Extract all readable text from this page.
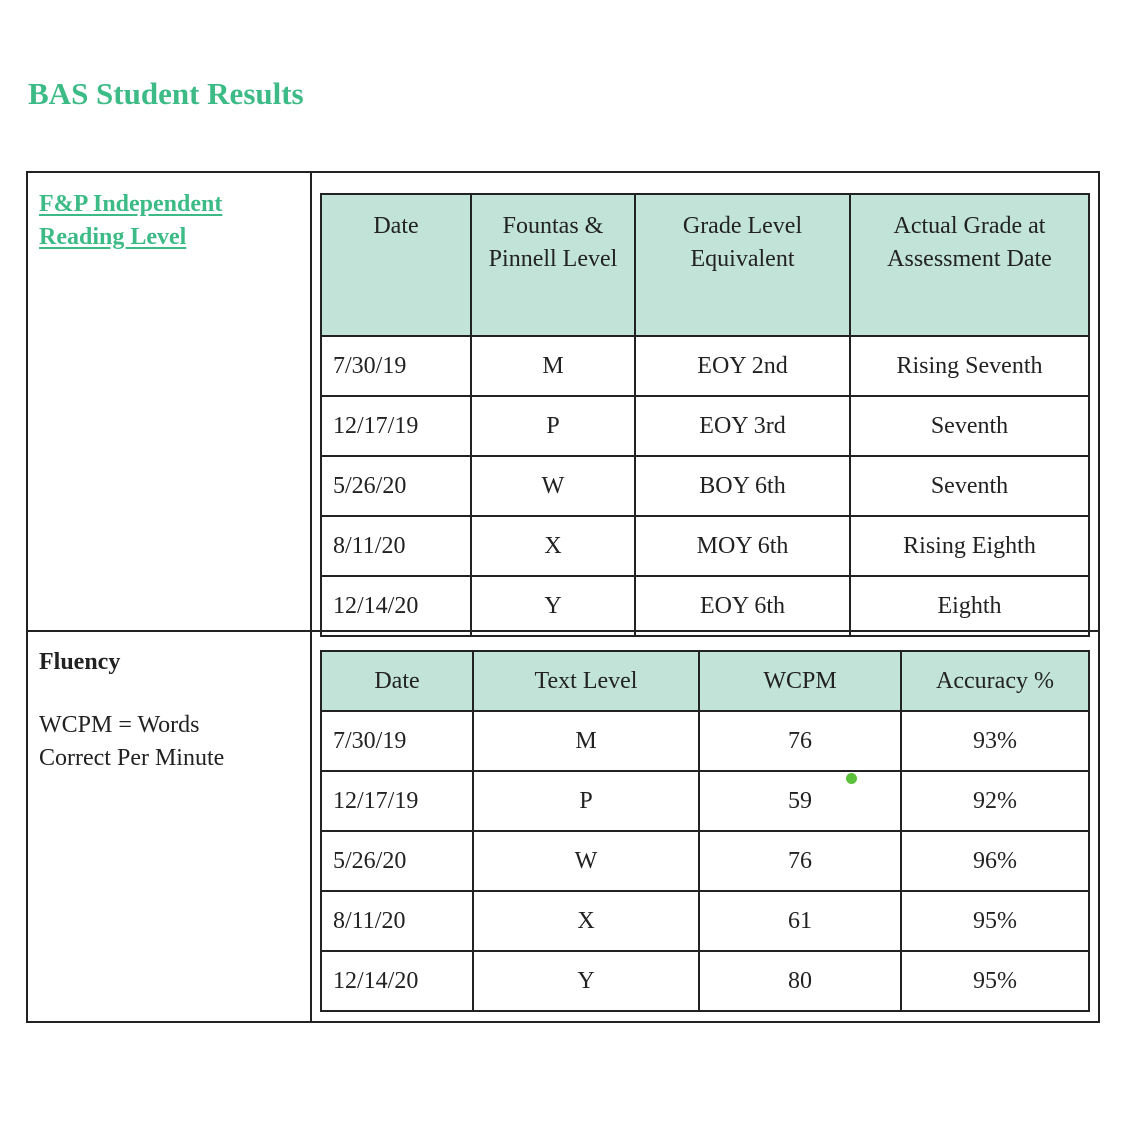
BAS Student Results
F&P Independent Reading Level	Date	Fountas & Pinnell Level	Grade Level Equivalent	Actual Grade at Assessment Date
7/30/19	M	EOY 2nd	Rising Seventh
12/17/19	P	EOY 3rd	Seventh
5/26/20	W	BOY 6th	Seventh
8/11/20	X	MOY 6th	Rising Eighth
12/14/20	Y	EOY 6th	Eighth
Fluency
WCPM = Words Correct Per Minute
Date	Text Level	WCPM	Accuracy %
7/30/19	M	76	93%
12/17/19	P	59	92%
5/26/20	W	76	96%
8/11/20	X	61	95%
12/14/20	Y	80	95%
